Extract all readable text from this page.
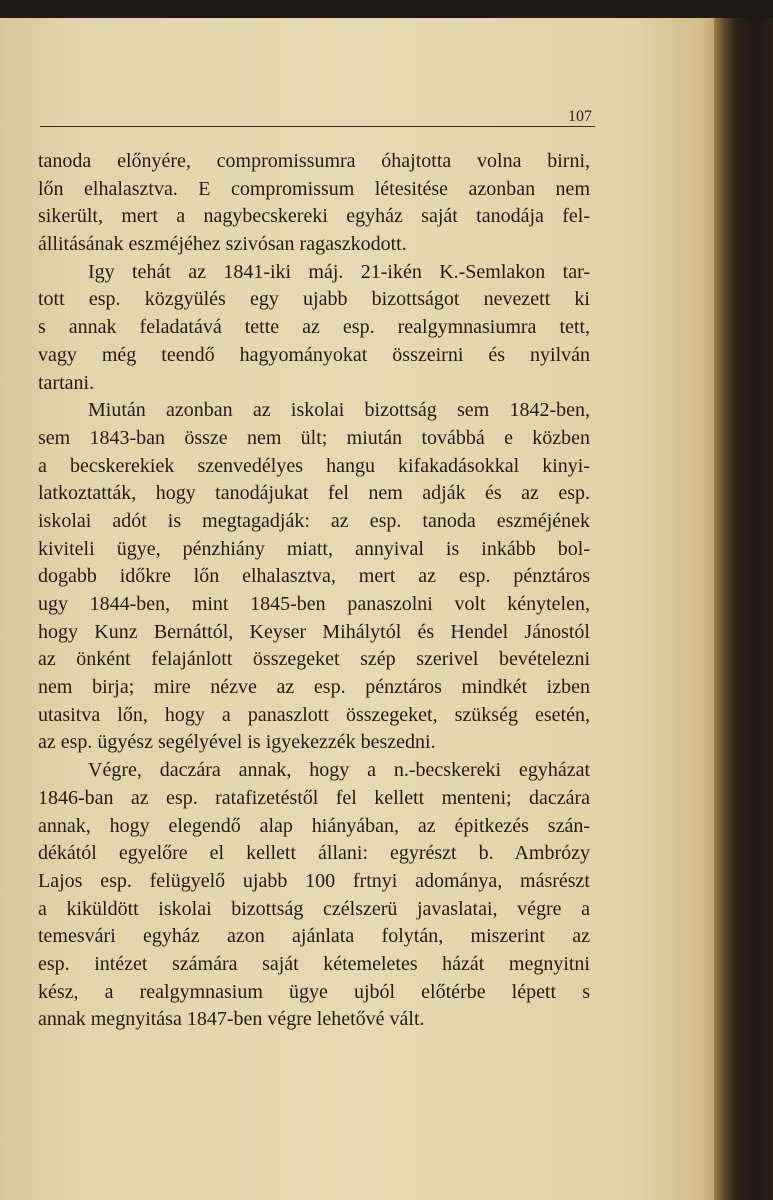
107
tanoda előnyére, compromissumra óhajtotta volna birni,
lőn elhalasztva. E compromissum létesitése azonban nem
sikerült, mert a nagybecskereki egyház saját tanodája fel-
állitásának eszméjéhez szivósan ragaszkodott.
Igy tehát az 1841-iki máj. 21-ikén K.-Semlakon tar-
tott esp. közgyülés egy ujabb bizottságot nevezett ki
s annak feladatává tette az esp. realgymnasiumra tett,
vagy még teendő hagyományokat összeirni és nyilván
tartani.
Miután azonban az iskolai bizottság sem 1842-ben,
sem 1843-ban össze nem ült; miután továbbá e közben
a becskerekiek szenvedélyes hangu kifakadásokkal kinyi-
latkoztatták, hogy tanodájukat fel nem adják és az esp.
iskolai adót is megtagadják: az esp. tanoda eszméjének
kiviteli ügye, pénzhiány miatt, annyival is inkább bol-
dogabb időkre lőn elhalasztva, mert az esp. pénztáros
ugy 1844-ben, mint 1845-ben panaszolni volt kénytelen,
hogy Kunz Bernáttól, Keyser Mihálytól és Hendel Jánostól
az önként felajánlott összegeket szép szerivel bevételezni
nem birja; mire nézve az esp. pénztáros mindkét izben
utasitva lőn, hogy a panaszlott összegeket, szükség esetén,
az esp. ügyész segélyével is igyekezzék beszedni.
Végre, daczára annak, hogy a n.-becskereki egyházat
1846-ban az esp. ratafizetéstől fel kellett menteni; daczára
annak, hogy elegendő alap hiányában, az épitkezés szán-
dékától egyelőre el kellett állani: egyrészt b. Ambrózy
Lajos esp. felügyelő ujabb 100 frtnyi adománya, másrészt
a kiküldött iskolai bizottság czélszerü javaslatai, végre a
temesvári egyház azon ajánlata folytán, miszerint az
esp. intézet számára saját kétemeletes házát megnyitni
kész, a realgymnasium ügye ujból előtérbe lépett s
annak megnyitása 1847-ben végre lehetővé vált.
